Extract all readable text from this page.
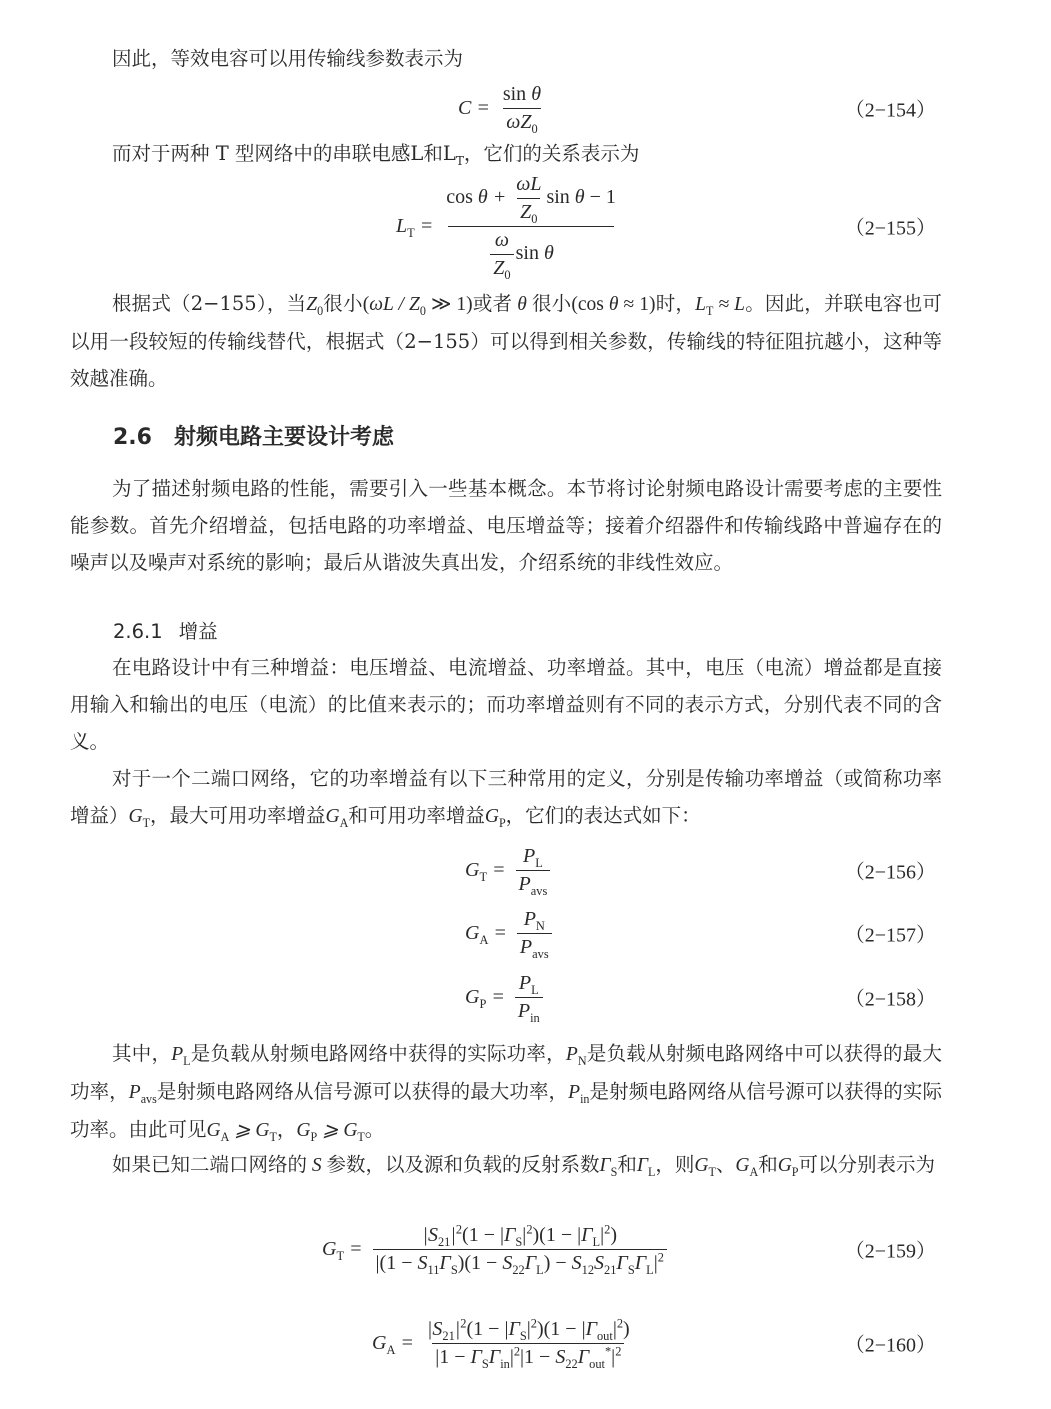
因此，等效电容可以用传输线参数表示为
$C = \frac{\text{sin θ}}{\omega Z_0}$	（2−154）
而对于两种 T 型网络中的串联电感L和$L_T$，它们的关系表示为
$L_T = \frac{\cos \theta + \frac{\omega L}{Z_0} \sin \theta - 1}{\frac{\omega}{Z_0} \sin \theta}$	（2−155）
根据式（2−155），当$Z_0$很小($\omega L / Z_0$ ≫ 1)或者 θ 很小(cos θ ≈ 1)时，$L_T \approx L$。因此，并联电容也可以用一段较短的传输线替代，根据式（2−155）可以得到相关参数，传输线的特征阻抗越小，这种等效越准确。
2.6 射频电路主要设计考虑
为了描述射频电路的性能，需要引入一些基本概念。本节将讨论射频电路设计需要考虑的主要性能参数。首先介绍增益，包括电路的功率增益、电压增益等；接着介绍器件和传输线路中普遍存在的噪声以及噪声对系统的影响；最后从谐波失真出发，介绍系统的非线性效应。
2.6.1 增益
在电路设计中有三种增益：电压增益、电流增益、功率增益。其中，电压（电流）增益都是直接用输入和输出的电压（电流）的比值来表示的；而功率增益则有不同的表示方式，分别代表不同的含义。
对于一个二端口网络，它的功率增益有以下三种常用的定义，分别是传输功率增益（或简称功率增益）$G_T$，最大可用功率增益$G_A$和可用功率增益$G_P$，它们的表达式如下：
$G_T = \frac{P_L}{P_{avs}}$	（2−156）
$G_A = \frac{P_N}{P_{avs}}$	（2−157）
$G_P = \frac{P_L}{P_{in}}$	（2−158）
其中，$P_L$是负载从射频电路网络中获得的实际功率，$P_N$是负载从射频电路网络中可以获得的最大功率，$P_{avs}$是射频电路网络从信号源可以获得的最大功率，$P_{in}$是射频电路网络从信号源可以获得的实际功率。由此可见$G_A$ ⩾ $G_T$，$G_P$ ⩾ $G_T$。
如果已知二端口网络的 S 参数，以及源和负载的反射系数$\Gamma_S$和$\Gamma_L$，则$G_T$、$G_A$和$G_P$可以分别表示为
$G_T = \frac{|S_{21}|^2(1 - |\Gamma_S|^2)(1 - |\Gamma_L|^2)}{|(1 - S_{11}\Gamma_S)(1 - S_{22}\Gamma_L) - S_{12}S_{21}\Gamma_S\Gamma_L|^2}$	（2−159）
$G_A = \frac{|S_{21}|^2(1 - |\Gamma_S|^2)(1 - |\Gamma_{out}|^2)}{|1 - \Gamma_S\Gamma_{in}|^2|1 - S_{22}\Gamma_{out}^*|^2}$	（2−160）
